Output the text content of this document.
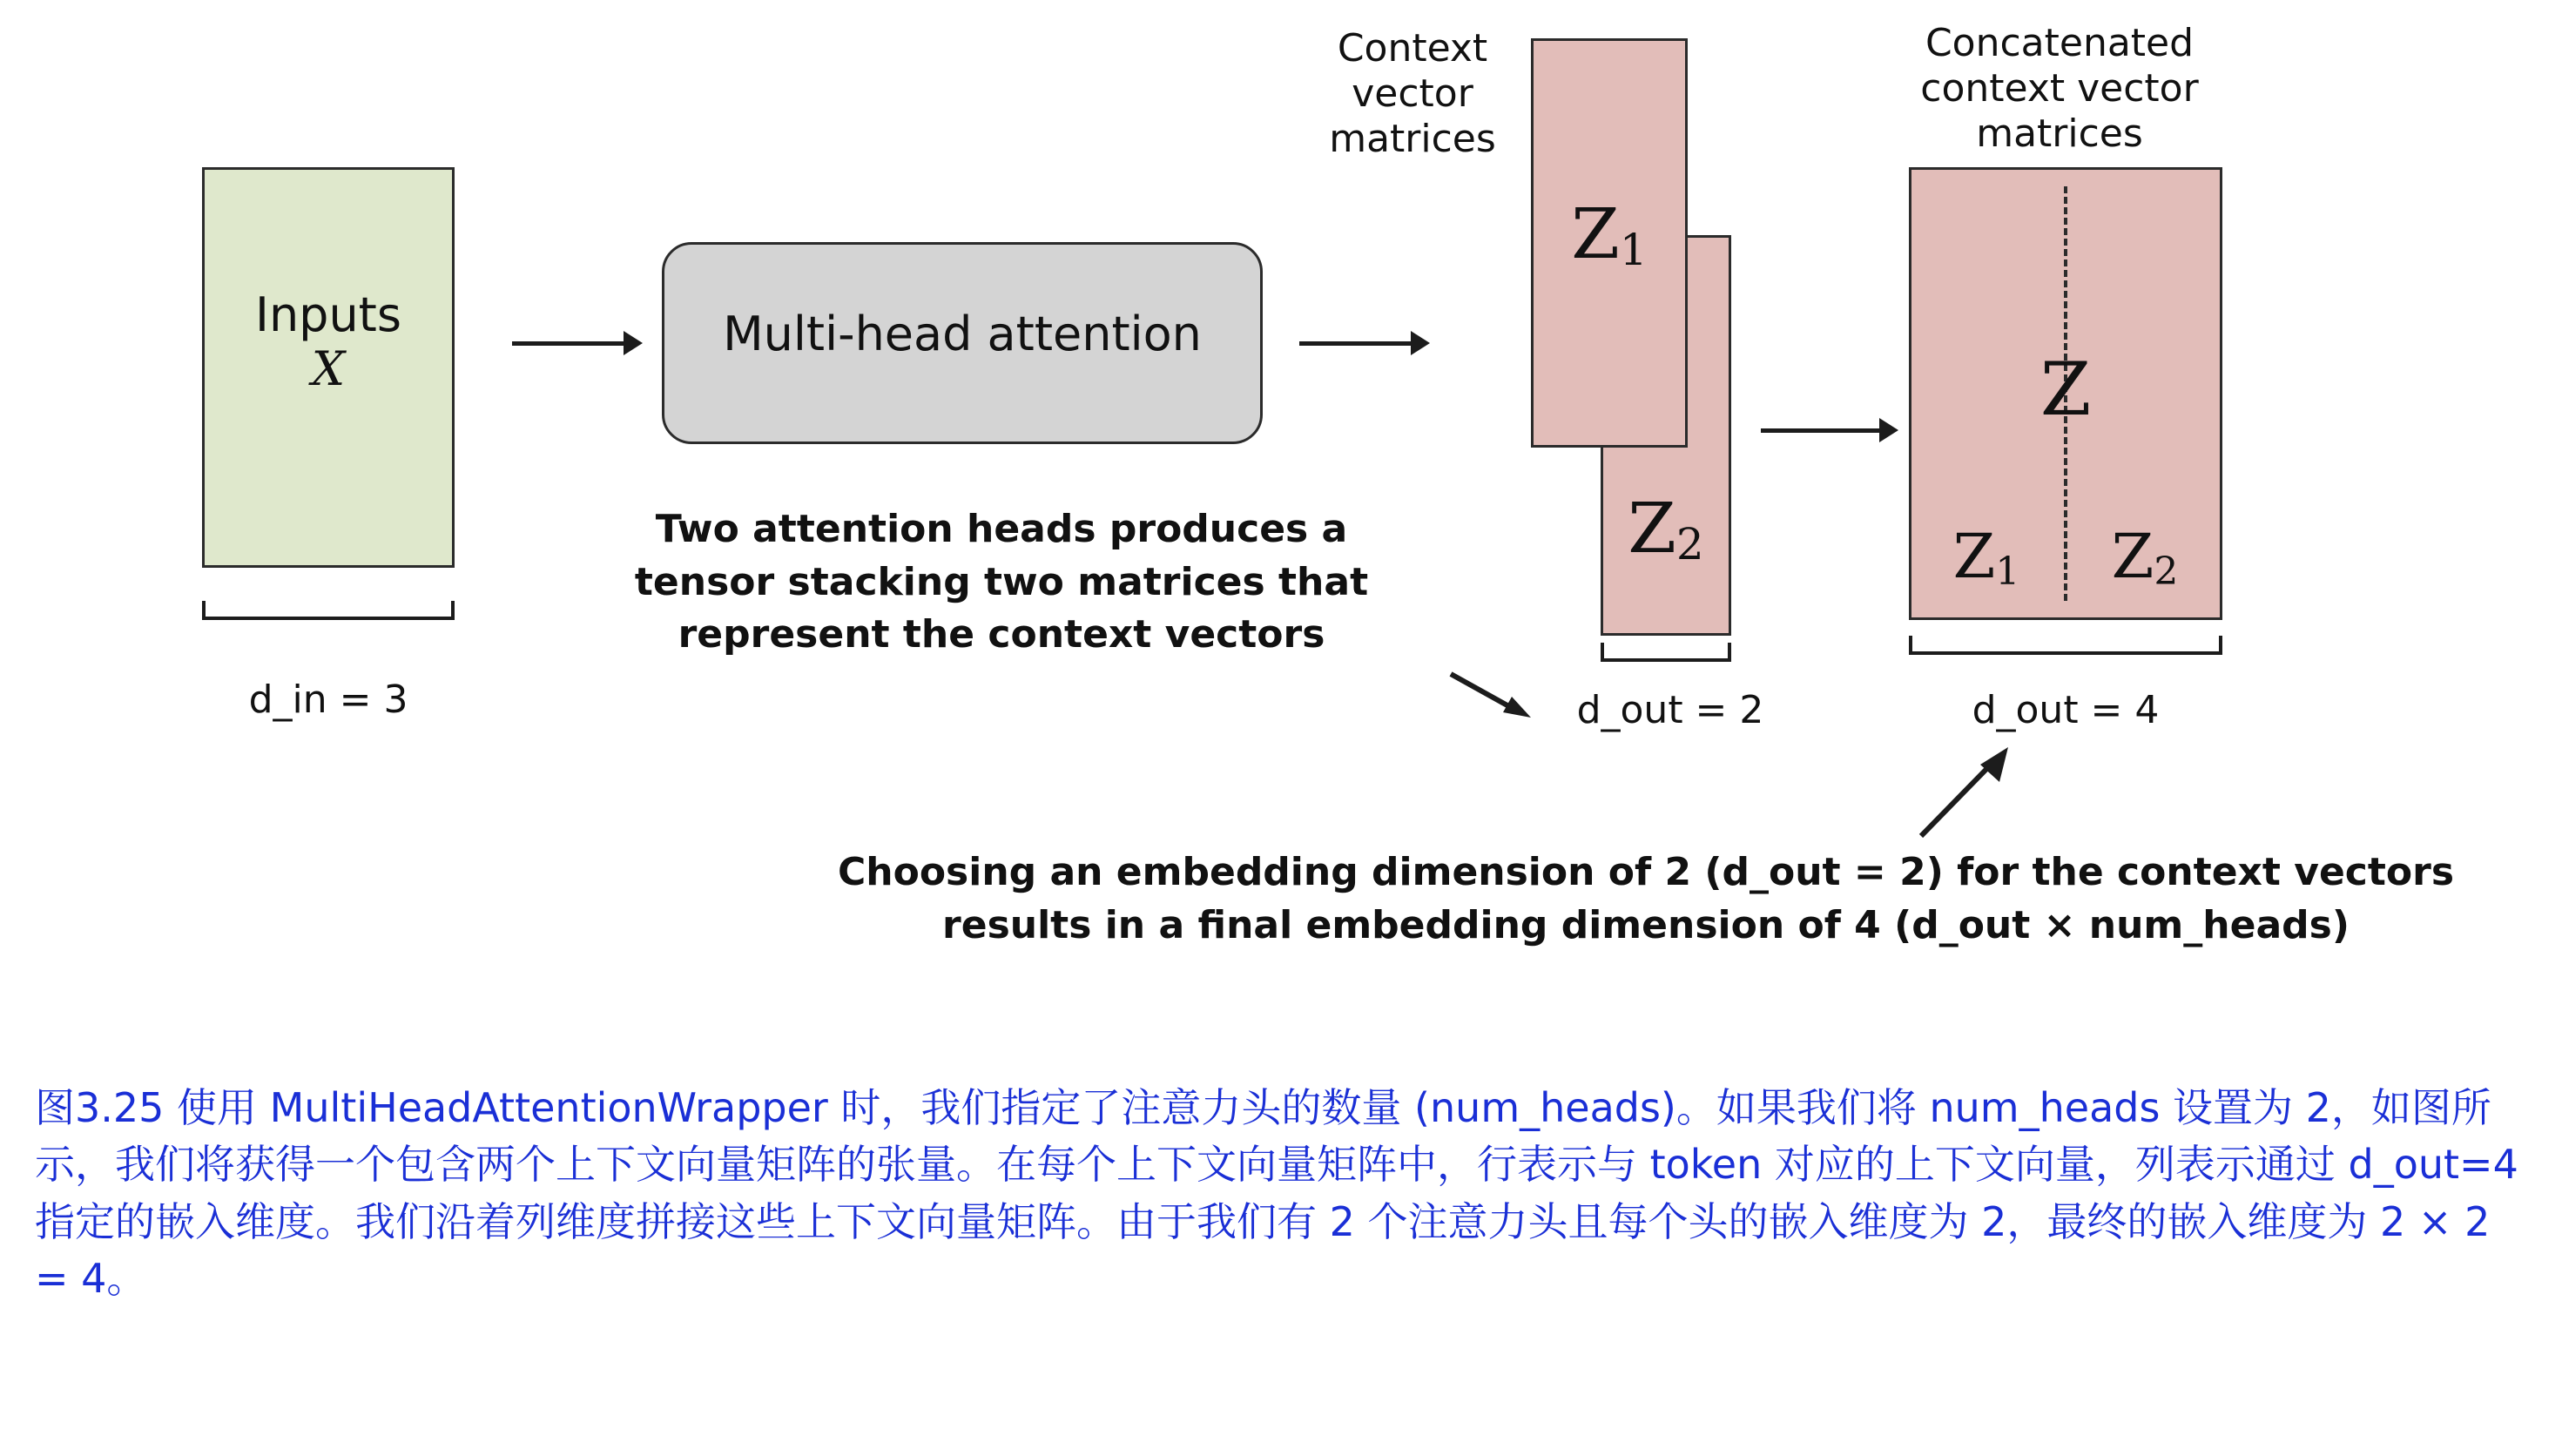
Inputs
X
d_in = 3
Multi-head attention
Two attention heads produces a
tensor stacking two matrices that
represent the context vectors
Context
vector
matrices
Z2
Z1
d_out = 2
Concatenated
context vector
matrices
Z
Z1	Z2
d_out = 4
Choosing an embedding dimension of 2 (d_out = 2) for the context vectors
results in a final embedding dimension of 4 (d_out × num_heads)
图3.25 使用 MultiHeadAttentionWrapper 时，我们指定了注意力头的数量 (num_heads)。如果我们将 num_heads 设置为 2，如图所示，我们将获得一个包含两个上下文向量矩阵的张量。在每个上下文向量矩阵中，行表示与 token 对应的上下文向量，列表示通过 d_out=4 指定的嵌入维度。我们沿着列维度拼接这些上下文向量矩阵。由于我们有 2 个注意力头且每个头的嵌入维度为 2，最终的嵌入维度为 2 × 2 = 4。
